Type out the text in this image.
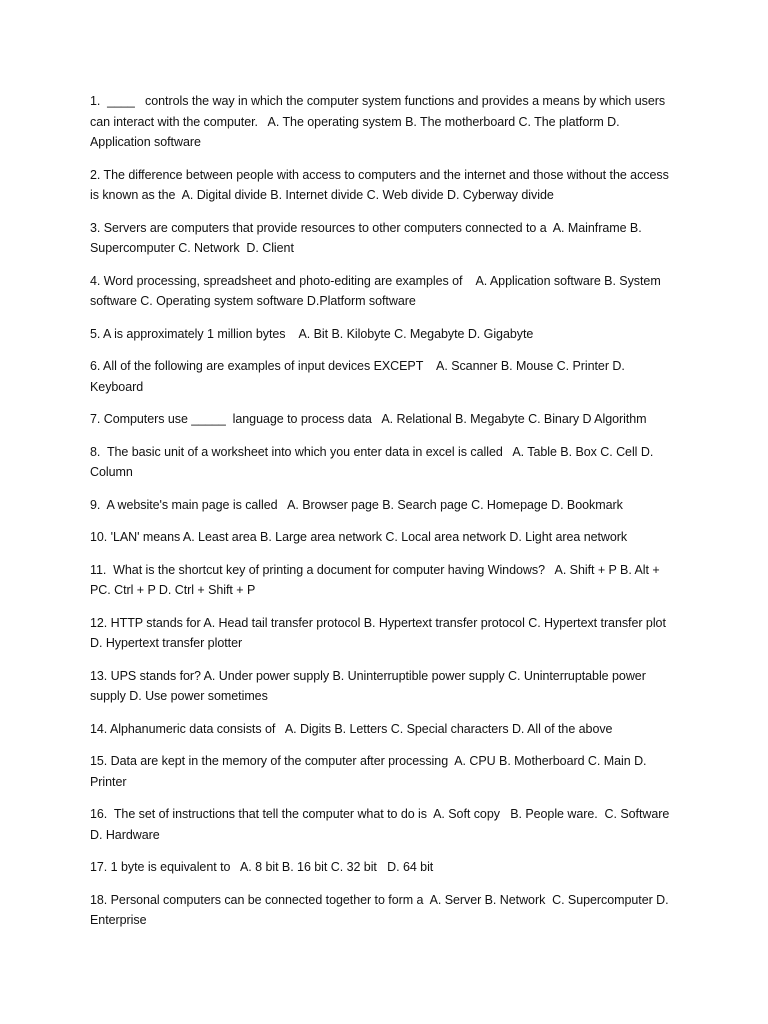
1.  ____   controls the way in which the computer system functions and provides a means by which users can interact with the computer.   A. The operating system B. The motherboard C. The platform D. Application software

2. The difference between people with access to computers and the internet and those without the access is known as the  A. Digital divide B. Internet divide C. Web divide D. Cyberway divide

3. Servers are computers that provide resources to other computers connected to a  A. Mainframe B. Supercomputer C. Network  D. Client

4. Word processing, spreadsheet and photo-editing are examples of    A. Application software B. System software C. Operating system software D.Platform software

5. A is approximately 1 million bytes    A. Bit B. Kilobyte C. Megabyte D. Gigabyte

6. All of the following are examples of input devices EXCEPT    A. Scanner B. Mouse C. Printer D. Keyboard

7. Computers use _____  language to process data   A. Relational B. Megabyte C. Binary D Algorithm

8.  The basic unit of a worksheet into which you enter data in excel is called   A. Table B. Box C. Cell D. Column

9.  A website's main page is called   A. Browser page B. Search page C. Homepage D. Bookmark

10. 'LAN' means A. Least area B. Large area network C. Local area network D. Light area network

11.  What is the shortcut key of printing a document for computer having Windows?   A. Shift + P B. Alt + PC. Ctrl + P D. Ctrl + Shift + P

12. HTTP stands for A. Head tail transfer protocol B. Hypertext transfer protocol C. Hypertext transfer plot D. Hypertext transfer plotter

13. UPS stands for? A. Under power supply B. Uninterruptible power supply C. Uninterruptable power supply D. Use power sometimes

14. Alphanumeric data consists of   A. Digits B. Letters C. Special characters D. All of the above

15. Data are kept in the memory of the computer after processing  A. CPU B. Motherboard C. Main D. Printer

16.  The set of instructions that tell the computer what to do is  A. Soft copy   B. People ware.  C. Software    D. Hardware

17. 1 byte is equivalent to   A. 8 bit B. 16 bit C. 32 bit   D. 64 bit

18. Personal computers can be connected together to form a  A. Server B. Network  C. Supercomputer D. Enterprise
